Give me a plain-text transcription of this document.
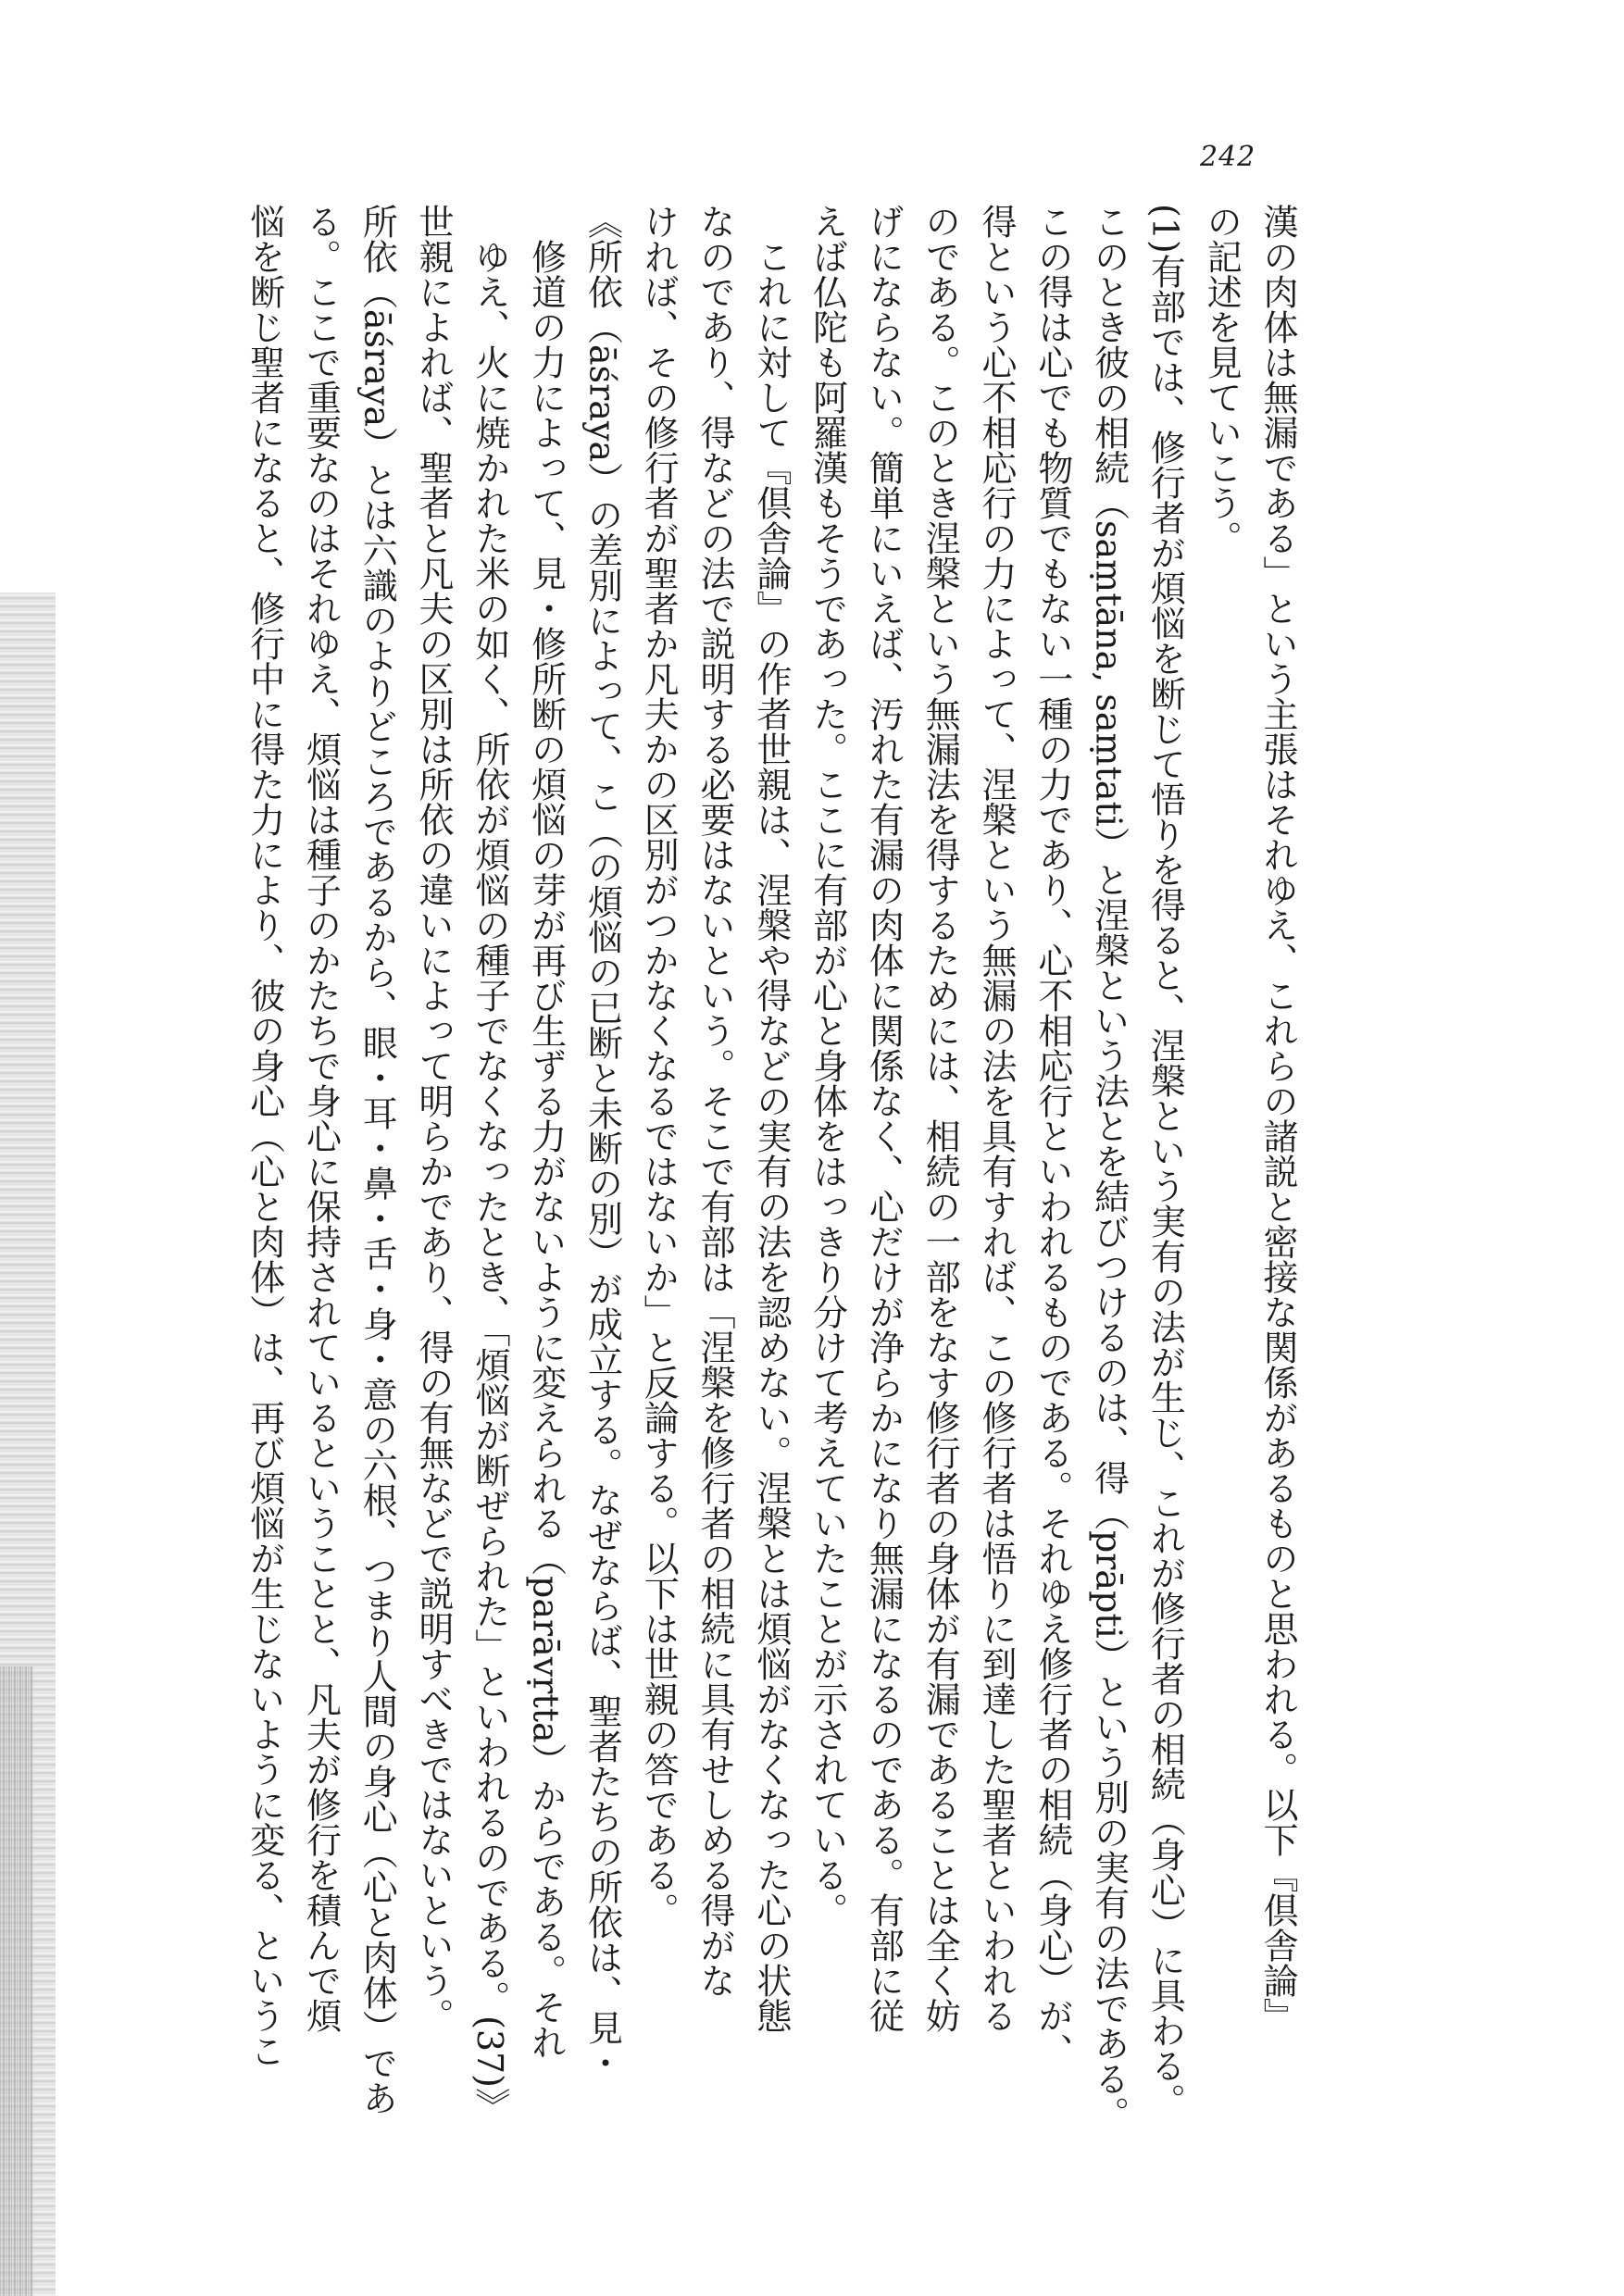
242
漢の肉体は無漏である」という主張はそれゆえ、これらの諸説と密接な関係があるものと思われる。以下『倶舎論』
の記述を見ていこう。
(1)有部では、修行者が煩悩を断じて悟りを得ると、涅槃という実有の法が生じ、これが修行者の相続（身心）に具わる。
このとき彼の相続（saṃtāna, saṃtati）と涅槃という法とを結びつけるのは、得（prāpti）という別の実有の法である。
この得は心でも物質でもない一種の力であり、心不相応行といわれるものである。それゆえ修行者の相続（身心）が、
得という心不相応行の力によって、涅槃という無漏の法を具有すれば、この修行者は悟りに到達した聖者といわれる
のである。このとき涅槃という無漏法を得するためには、相続の一部をなす修行者の身体が有漏であることは全く妨
げにならない。簡単にいえば、汚れた有漏の肉体に関係なく、心だけが浄らかになり無漏になるのである。有部に従
えば仏陀も阿羅漢もそうであった。ここに有部が心と身体をはっきり分けて考えていたことが示されている。
これに対して『倶舎論』の作者世親は、涅槃や得などの実有の法を認めない。涅槃とは煩悩がなくなった心の状態
なのであり、得などの法で説明する必要はないという。そこで有部は「涅槃を修行者の相続に具有せしめる得がな
ければ、その修行者が聖者か凡夫かの区別がつかなくなるではないか」と反論する。以下は世親の答である。
《所依（āśraya）の差別によって、こ（の煩悩の已断と未断の別）が成立する。なぜならば、聖者たちの所依は、見・
修道の力によって、見・修所断の煩悩の芽が再び生ずる力がないように変えられる（parāvṛtta）からである。それ
ゆえ、火に焼かれた米の如く、所依が煩悩の種子でなくなったとき、「煩悩が断ぜられた」といわれるのである。(37)》
世親によれば、聖者と凡夫の区別は所依の違いによって明らかであり、得の有無などで説明すべきではないという。
所依（āśraya）とは六識のよりどころであるから、眼・耳・鼻・舌・身・意の六根、つまり人間の身心（心と肉体）であ
る。ここで重要なのはそれゆえ、煩悩は種子のかたちで身心に保持されているということと、凡夫が修行を積んで煩
悩を断じ聖者になると、修行中に得た力により、彼の身心（心と肉体）は、再び煩悩が生じないように変る、というこ
